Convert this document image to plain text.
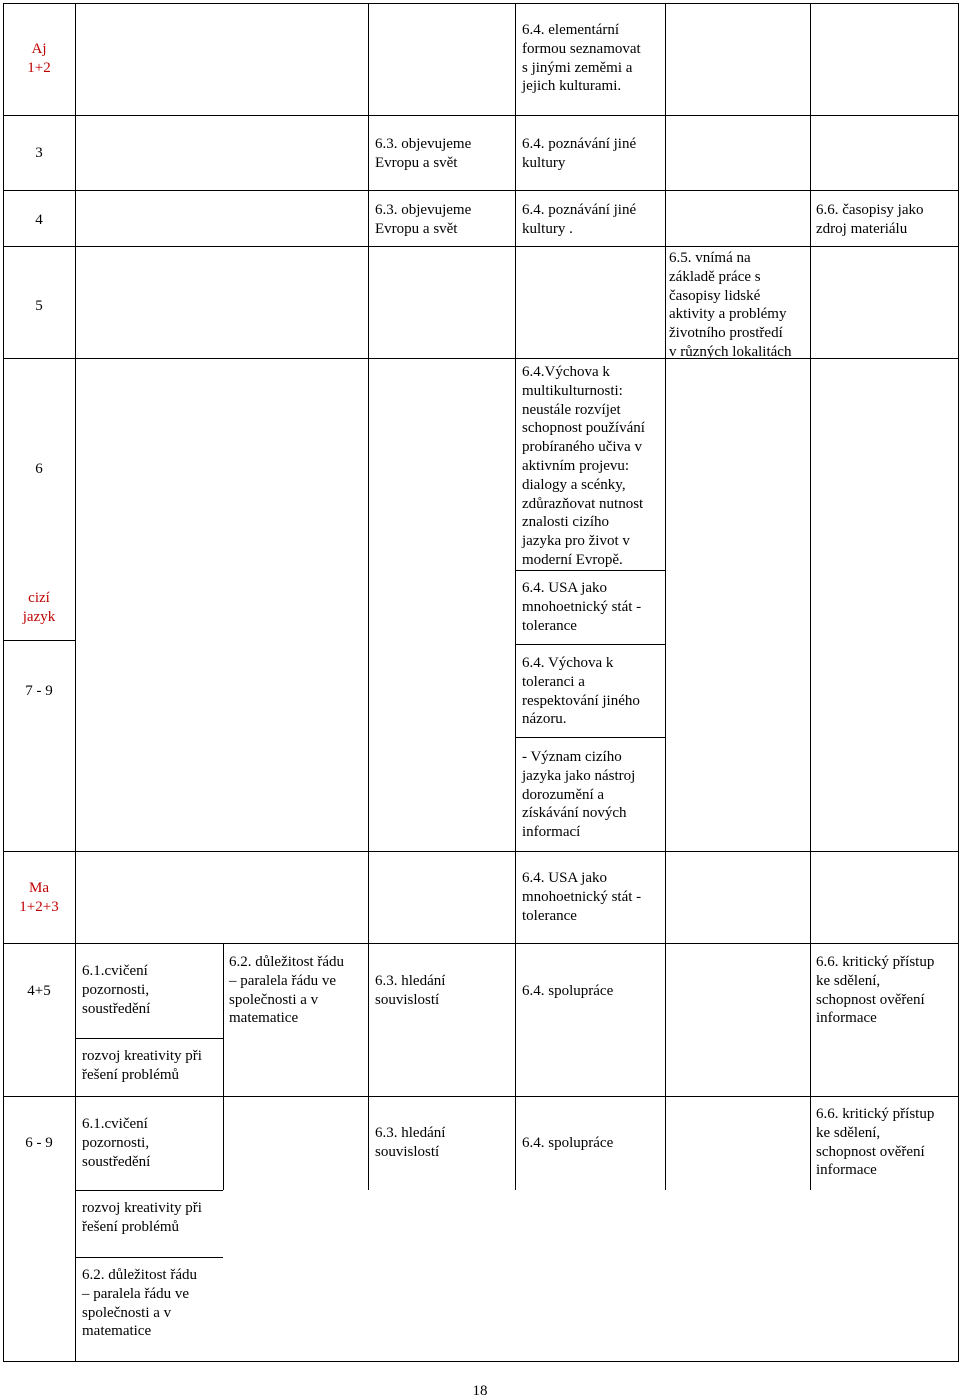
Aj
1+2
3
4
5
6
cizí
jazyk
7 - 9
Ma
1+2+3
4+5
6 - 9
6.4. elementární
formou seznamovat
s jinými zeměmi a
jejich kulturami.
6.3. objevujeme
Evropu a svět
6.4. poznávání jiné
kultury
6.3. objevujeme
Evropu a svět
6.4. poznávání jiné
kultury .
6.6. časopisy jako
zdroj materiálu
6.5. vnímá na
základě práce s
časopisy lidské
aktivity a problémy
životního prostředí
v různých lokalitách
6.4.Výchova k
multikulturnosti:
neustále rozvíjet
schopnost používání
probíraného učiva v
aktivním projevu:
dialogy a scénky,
zdůrazňovat nutnost
znalosti cizího
jazyka pro život v
moderní Evropě.
6.4. USA jako
mnohoetnický stát -
tolerance
6.4. Výchova k
toleranci a
respektování jiného
názoru.
- Význam cizího
jazyka jako nástroj
dorozumění a
získávání nových
informací
6.4. USA jako
mnohoetnický stát -
tolerance
6.1.cvičení
pozornosti,
soustředění
rozvoj kreativity při
řešení problémů
6.2. důležitost řádu
– paralela řádu ve
společnosti a v
matematice
6.3. hledání
souvislostí
6.4. spolupráce
6.6. kritický přístup
ke sdělení,
schopnost ověření
informace
6.1.cvičení
pozornosti,
soustředění
rozvoj kreativity při
řešení problémů
6.2. důležitost řádu
– paralela řádu ve
společnosti a v
matematice
6.3. hledání
souvislostí
6.4. spolupráce
6.6. kritický přístup
ke sdělení,
schopnost ověření
informace
18
